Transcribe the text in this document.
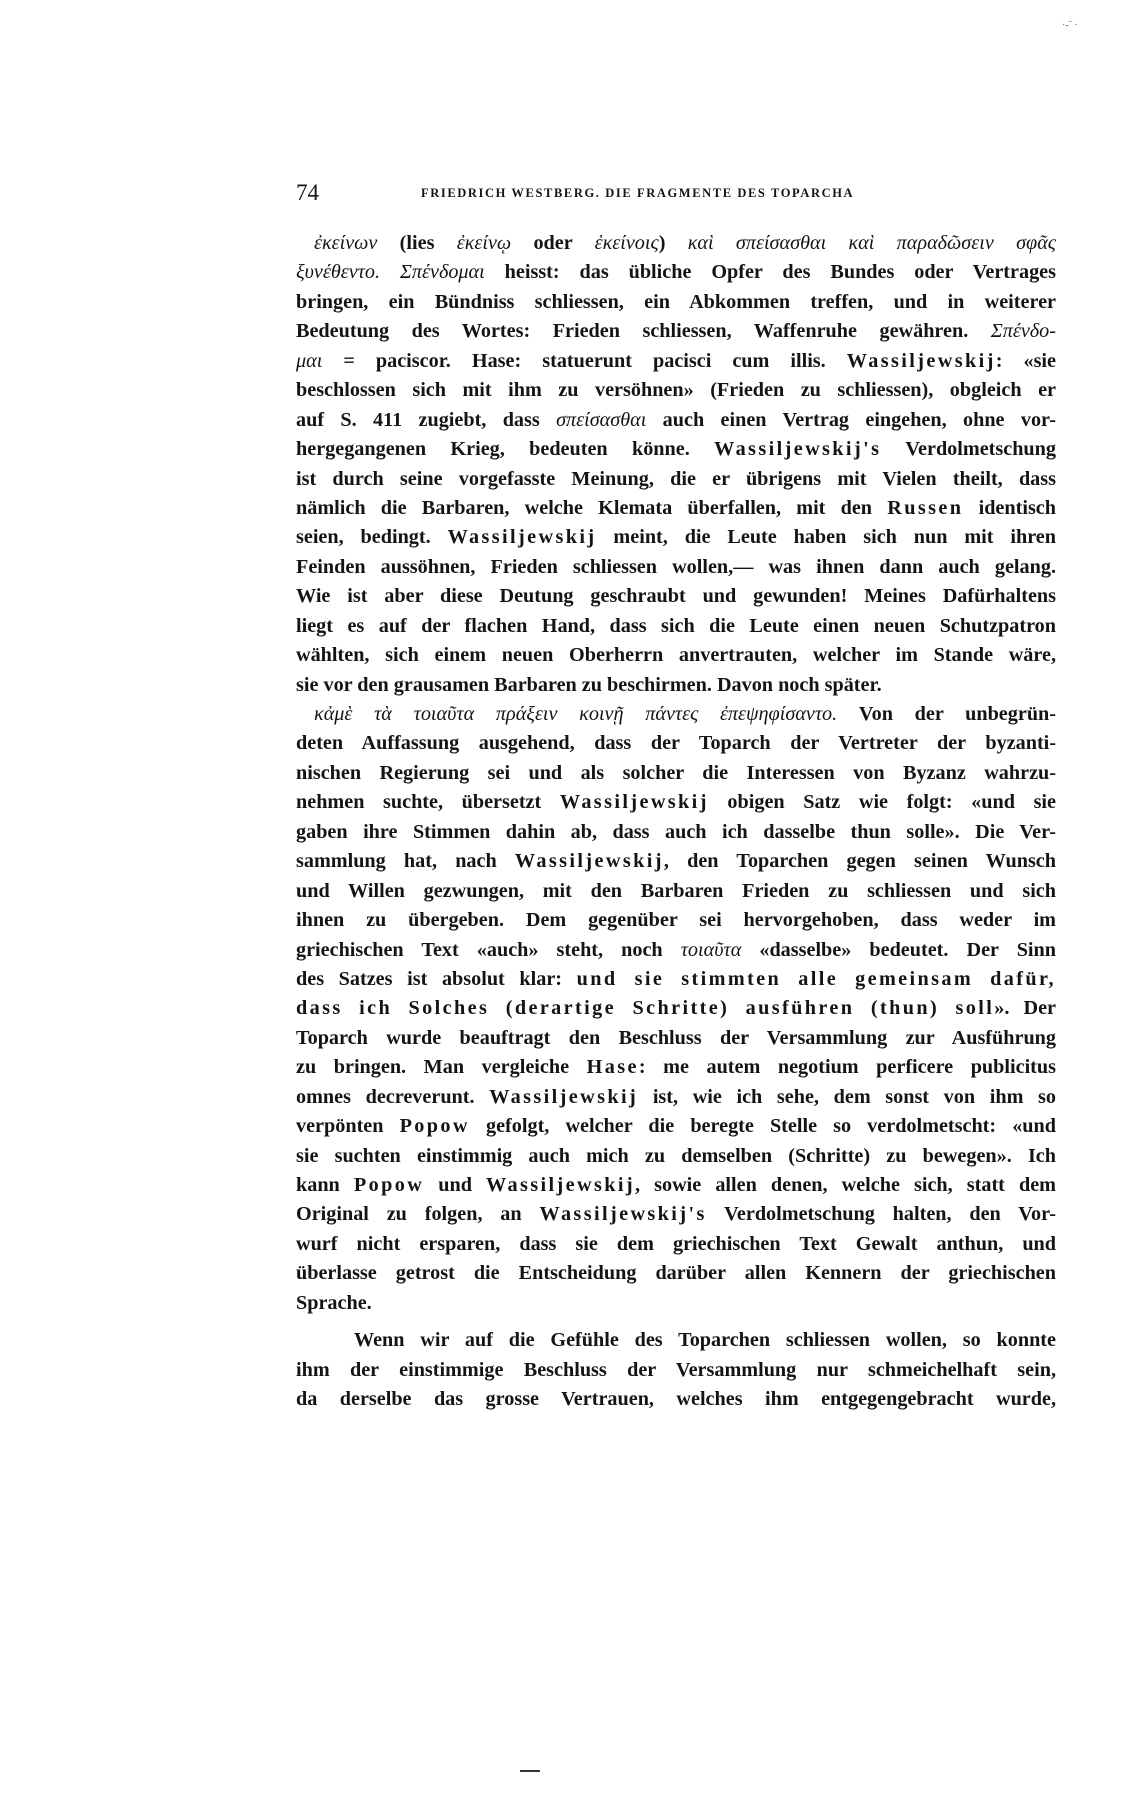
·-˜ ·
74	FRIEDRICH WESTBERG. DIE FRAGMENTE DES TOPARCHA
ἐκείνων (lies ἐκείνῳ oder ἐκείνοις) καὶ σπείσασθαι καὶ παραδῶσειν σφᾶς
ξυνέθεντο. Σπένδομαι heisst: das übliche Opfer des Bundes oder Vertrages
bringen, ein Bündniss schliessen, ein Abkommen treffen, und in weiterer
Bedeutung des Wortes: Frieden schliessen, Waffenruhe gewähren. Σπένδο-
μαι = paciscor. Hase: statuerunt pacisci cum illis. Wassiljewskij: «sie
beschlossen sich mit ihm zu versöhnen» (Frieden zu schliessen), obgleich er
auf S. 411 zugiebt, dass σπείσασθαι auch einen Vertrag eingehen, ohne vor-
hergegangenen Krieg, bedeuten könne. Wassiljewskij's Verdolmetschung
ist durch seine vorgefasste Meinung, die er übrigens mit Vielen theilt, dass
nämlich die Barbaren, welche Klemata überfallen, mit den Russen identisch
seien, bedingt. Wassiljewskij meint, die Leute haben sich nun mit ihren
Feinden aussöhnen, Frieden schliessen wollen,— was ihnen dann auch gelang.
Wie ist aber diese Deutung geschraubt und gewunden! Meines Dafürhaltens
liegt es auf der flachen Hand, dass sich die Leute einen neuen Schutzpatron
wählten, sich einem neuen Oberherrn anvertrauten, welcher im Stande wäre,
sie vor den grausamen Barbaren zu beschirmen. Davon noch später.
κἀμὲ τὰ τοιαῦτα πράξειν κοινῇ πάντες ἐπεψηφίσαντο. Von der unbegrün-
deten Auffassung ausgehend, dass der Toparch der Vertreter der byzanti-
nischen Regierung sei und als solcher die Interessen von Byzanz wahrzu-
nehmen suchte, übersetzt Wassiljewskij obigen Satz wie folgt: «und sie
gaben ihre Stimmen dahin ab, dass auch ich dasselbe thun solle». Die Ver-
sammlung hat, nach Wassiljewskij, den Toparchen gegen seinen Wunsch
und Willen gezwungen, mit den Barbaren Frieden zu schliessen und sich
ihnen zu übergeben. Dem gegenüber sei hervorgehoben, dass weder im
griechischen Text «auch» steht, noch τοιαῦτα «dasselbe» bedeutet. Der Sinn
des Satzes ist absolut klar: und sie stimmten alle gemeinsam dafür,
dass ich Solches (derartige Schritte) ausführen (thun) soll». Der
Toparch wurde beauftragt den Beschluss der Versammlung zur Ausführung
zu bringen. Man vergleiche Hase: me autem negotium perficere publicitus
omnes decreverunt. Wassiljewskij ist, wie ich sehe, dem sonst von ihm so
verpönten Popow gefolgt, welcher die beregte Stelle so verdolmetscht: «und
sie suchten einstimmig auch mich zu demselben (Schritte) zu bewegen». Ich
kann Popow und Wassiljewskij, sowie allen denen, welche sich, statt dem
Original zu folgen, an Wassiljewskij's Verdolmetschung halten, den Vor-
wurf nicht ersparen, dass sie dem griechischen Text Gewalt anthun, und
überlasse getrost die Entscheidung darüber allen Kennern der griechischen
Sprache.
Wenn wir auf die Gefühle des Toparchen schliessen wollen, so konnte
ihm der einstimmige Beschluss der Versammlung nur schmeichelhaft sein,
da derselbe das grosse Vertrauen, welches ihm entgegengebracht wurde,
